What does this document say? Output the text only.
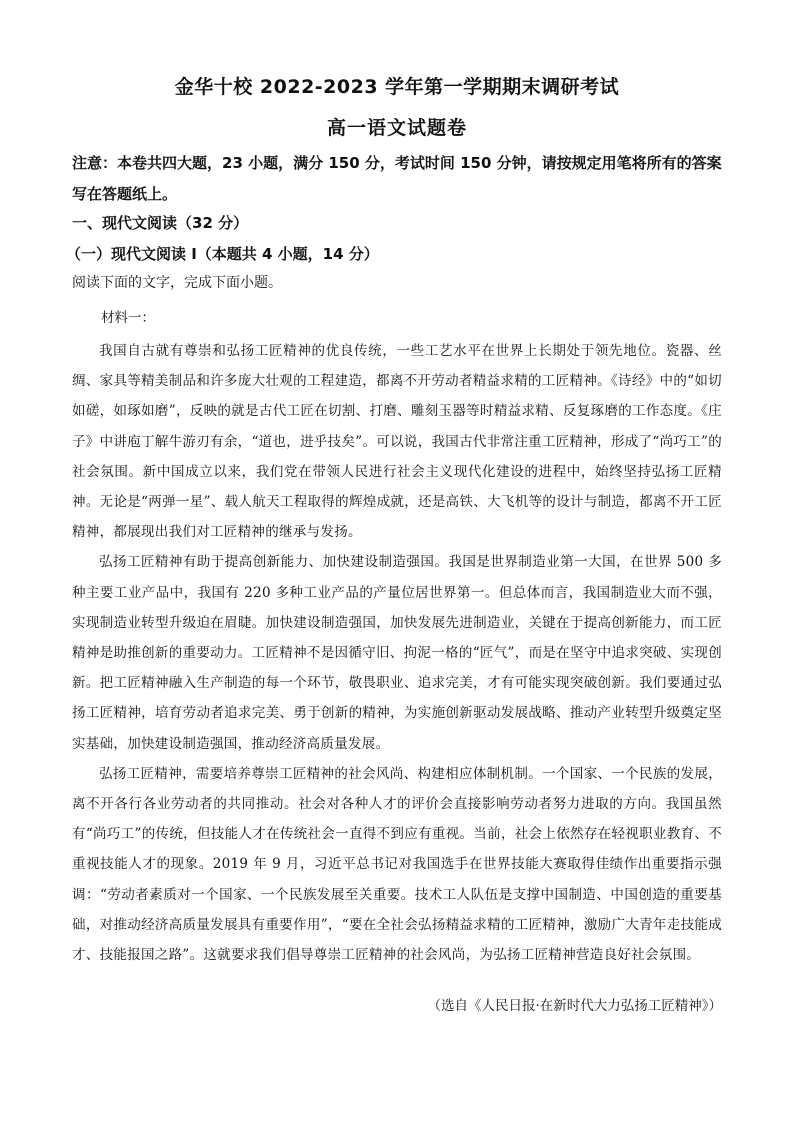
金华十校 2022-2023 学年第一学期期末调研考试
高一语文试题卷
注意：本卷共四大题，23 小题，满分 150 分，考试时间 150 分钟，请按规定用笔将所有的答案写在答题纸上。
一、现代文阅读（32 分）
（一）现代文阅读 I（本题共 4 小题，14 分）
阅读下面的文字，完成下面小题。
材料一：

我国自古就有尊崇和弘扬工匠精神的优良传统，一些工艺水平在世界上长期处于领先地位。瓷器、丝绸、家具等精美制品和许多庞大壮观的工程建造，都离不开劳动者精益求精的工匠精神。《诗经》中的“如切如磋，如琢如磨”，反映的就是古代工匠在切割、打磨、雕刻玉器等时精益求精、反复琢磨的工作态度。《庄子》中讲庖丁解牛游刃有余，“道也，进乎技矣”。可以说，我国古代非常注重工匠精神，形成了“尚巧工”的社会氛围。新中国成立以来，我们党在带领人民进行社会主义现代化建设的进程中，始终坚持弘扬工匠精神。无论是“两弹一星”、载人航天工程取得的辉煌成就，还是高铁、大飞机等的设计与制造，都离不开工匠精神，都展现出我们对工匠精神的继承与发扬。

弘扬工匠精神有助于提高创新能力、加快建设制造强国。我国是世界制造业第一大国，在世界 500 多种主要工业产品中，我国有 220 多种工业产品的产量位居世界第一。但总体而言，我国制造业大而不强，实现制造业转型升级迫在眉睫。加快建设制造强国，加快发展先进制造业，关键在于提高创新能力，而工匠精神是助推创新的重要动力。工匠精神不是因循守旧、拘泥一格的“匠气”，而是在坚守中追求突破、实现创新。把工匠精神融入生产制造的每一个环节，敬畏职业、追求完美，才有可能实现突破创新。我们要通过弘扬工匠精神，培育劳动者追求完美、勇于创新的精神，为实施创新驱动发展战略、推动产业转型升级奠定坚实基础，加快建设制造强国，推动经济高质量发展。

弘扬工匠精神，需要培养尊崇工匠精神的社会风尚、构建相应体制机制。一个国家、一个民族的发展，离不开各行各业劳动者的共同推动。社会对各种人才的评价会直接影响劳动者努力进取的方向。我国虽然有“尚巧工”的传统，但技能人才在传统社会一直得不到应有重视。当前，社会上依然存在轻视职业教育、不重视技能人才的现象。2019 年 9 月，习近平总书记对我国选手在世界技能大赛取得佳绩作出重要指示强调：“劳动者素质对一个国家、一个民族发展至关重要。技术工人队伍是支撑中国制造、中国创造的重要基础，对推动经济高质量发展具有重要作用”，“要在全社会弘扬精益求精的工匠精神，激励广大青年走技能成才、技能报国之路”。这就要求我们倡导尊崇工匠精神的社会风尚，为弘扬工匠精神营造良好社会氛围。

（选自《人民日报·在新时代大力弘扬工匠精神》）
